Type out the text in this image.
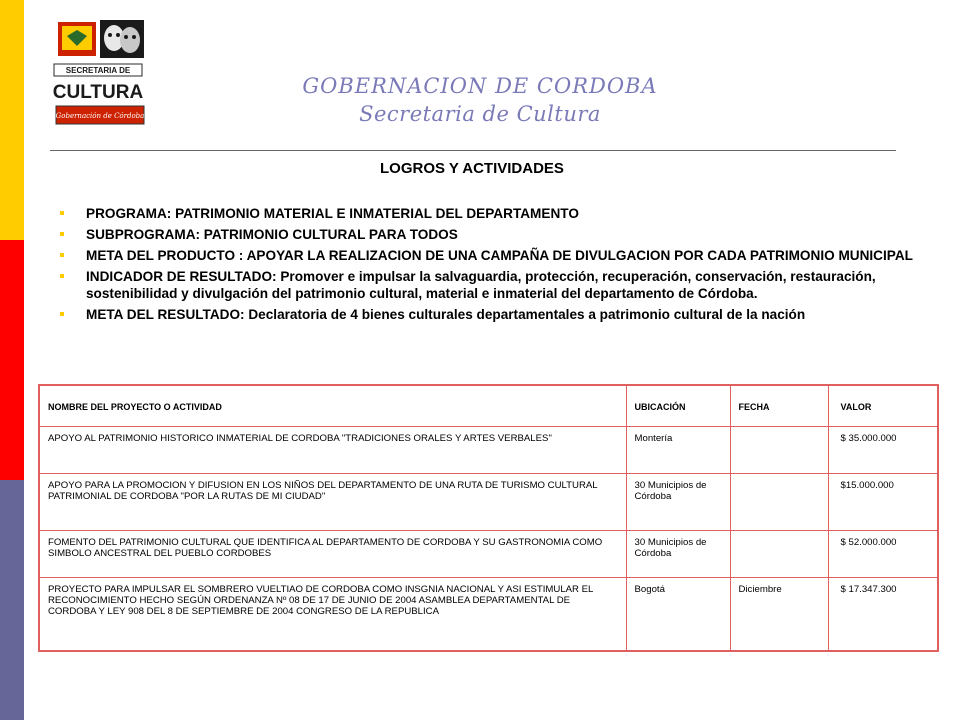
SECRETARIA DE
CULTURA
Gobernación de Córdoba
GOBERNACION DE CORDOBA
Secretaria de Cultura
LOGROS Y ACTIVIDADES
PROGRAMA: PATRIMONIO MATERIAL E INMATERIAL DEL DEPARTAMENTO
SUBPROGRAMA: PATRIMONIO CULTURAL PARA TODOS
META DEL PRODUCTO : APOYAR LA REALIZACION DE UNA CAMPAÑA DE DIVULGACION POR CADA PATRIMONIO MUNICIPAL
INDICADOR DE RESULTADO: Promover e impulsar la salvaguardia, protección, recuperación, conservación, restauración, sostenibilidad y divulgación del patrimonio cultural, material e inmaterial del departamento de Córdoba.
META DEL RESULTADO: Declaratoria de 4 bienes culturales departamentales a patrimonio cultural de la nación
NOMBRE DEL PROYECTO O ACTIVIDAD	UBICACIÓN	FECHA	VALOR
APOYO AL PATRIMONIO HISTORICO INMATERIAL DE CORDOBA "TRADICIONES ORALES Y ARTES VERBALES"	Montería		$ 35.000.000
APOYO PARA LA PROMOCION Y DIFUSION EN LOS NIÑOS DEL DEPARTAMENTO DE UNA RUTA DE TURISMO CULTURAL PATRIMONIAL DE CORDOBA "POR LA RUTAS DE MI CIUDAD"	30 Municipios de Córdoba		$15.000.000
FOMENTO DEL PATRIMONIO CULTURAL QUE IDENTIFICA AL DEPARTAMENTO DE CORDOBA Y SU GASTRONOMIA COMO SIMBOLO ANCESTRAL DEL PUEBLO CORDOBES	30 Municipios de Córdoba		$ 52.000.000
PROYECTO PARA IMPULSAR EL SOMBRERO VUELTIAO DE CORDOBA COMO INSGNIA NACIONAL Y ASI ESTIMULAR EL RECONOCIMIENTO HECHO SEGÚN ORDENANZA Nº 08 DE 17 DE JUNIO DE 2004 ASAMBLEA DEPARTAMENTAL DE CORDOBA Y LEY 908 DEL 8 DE SEPTIEMBRE DE 2004 CONGRESO DE LA REPUBLICA	Bogotá	Diciembre	$ 17.347.300
